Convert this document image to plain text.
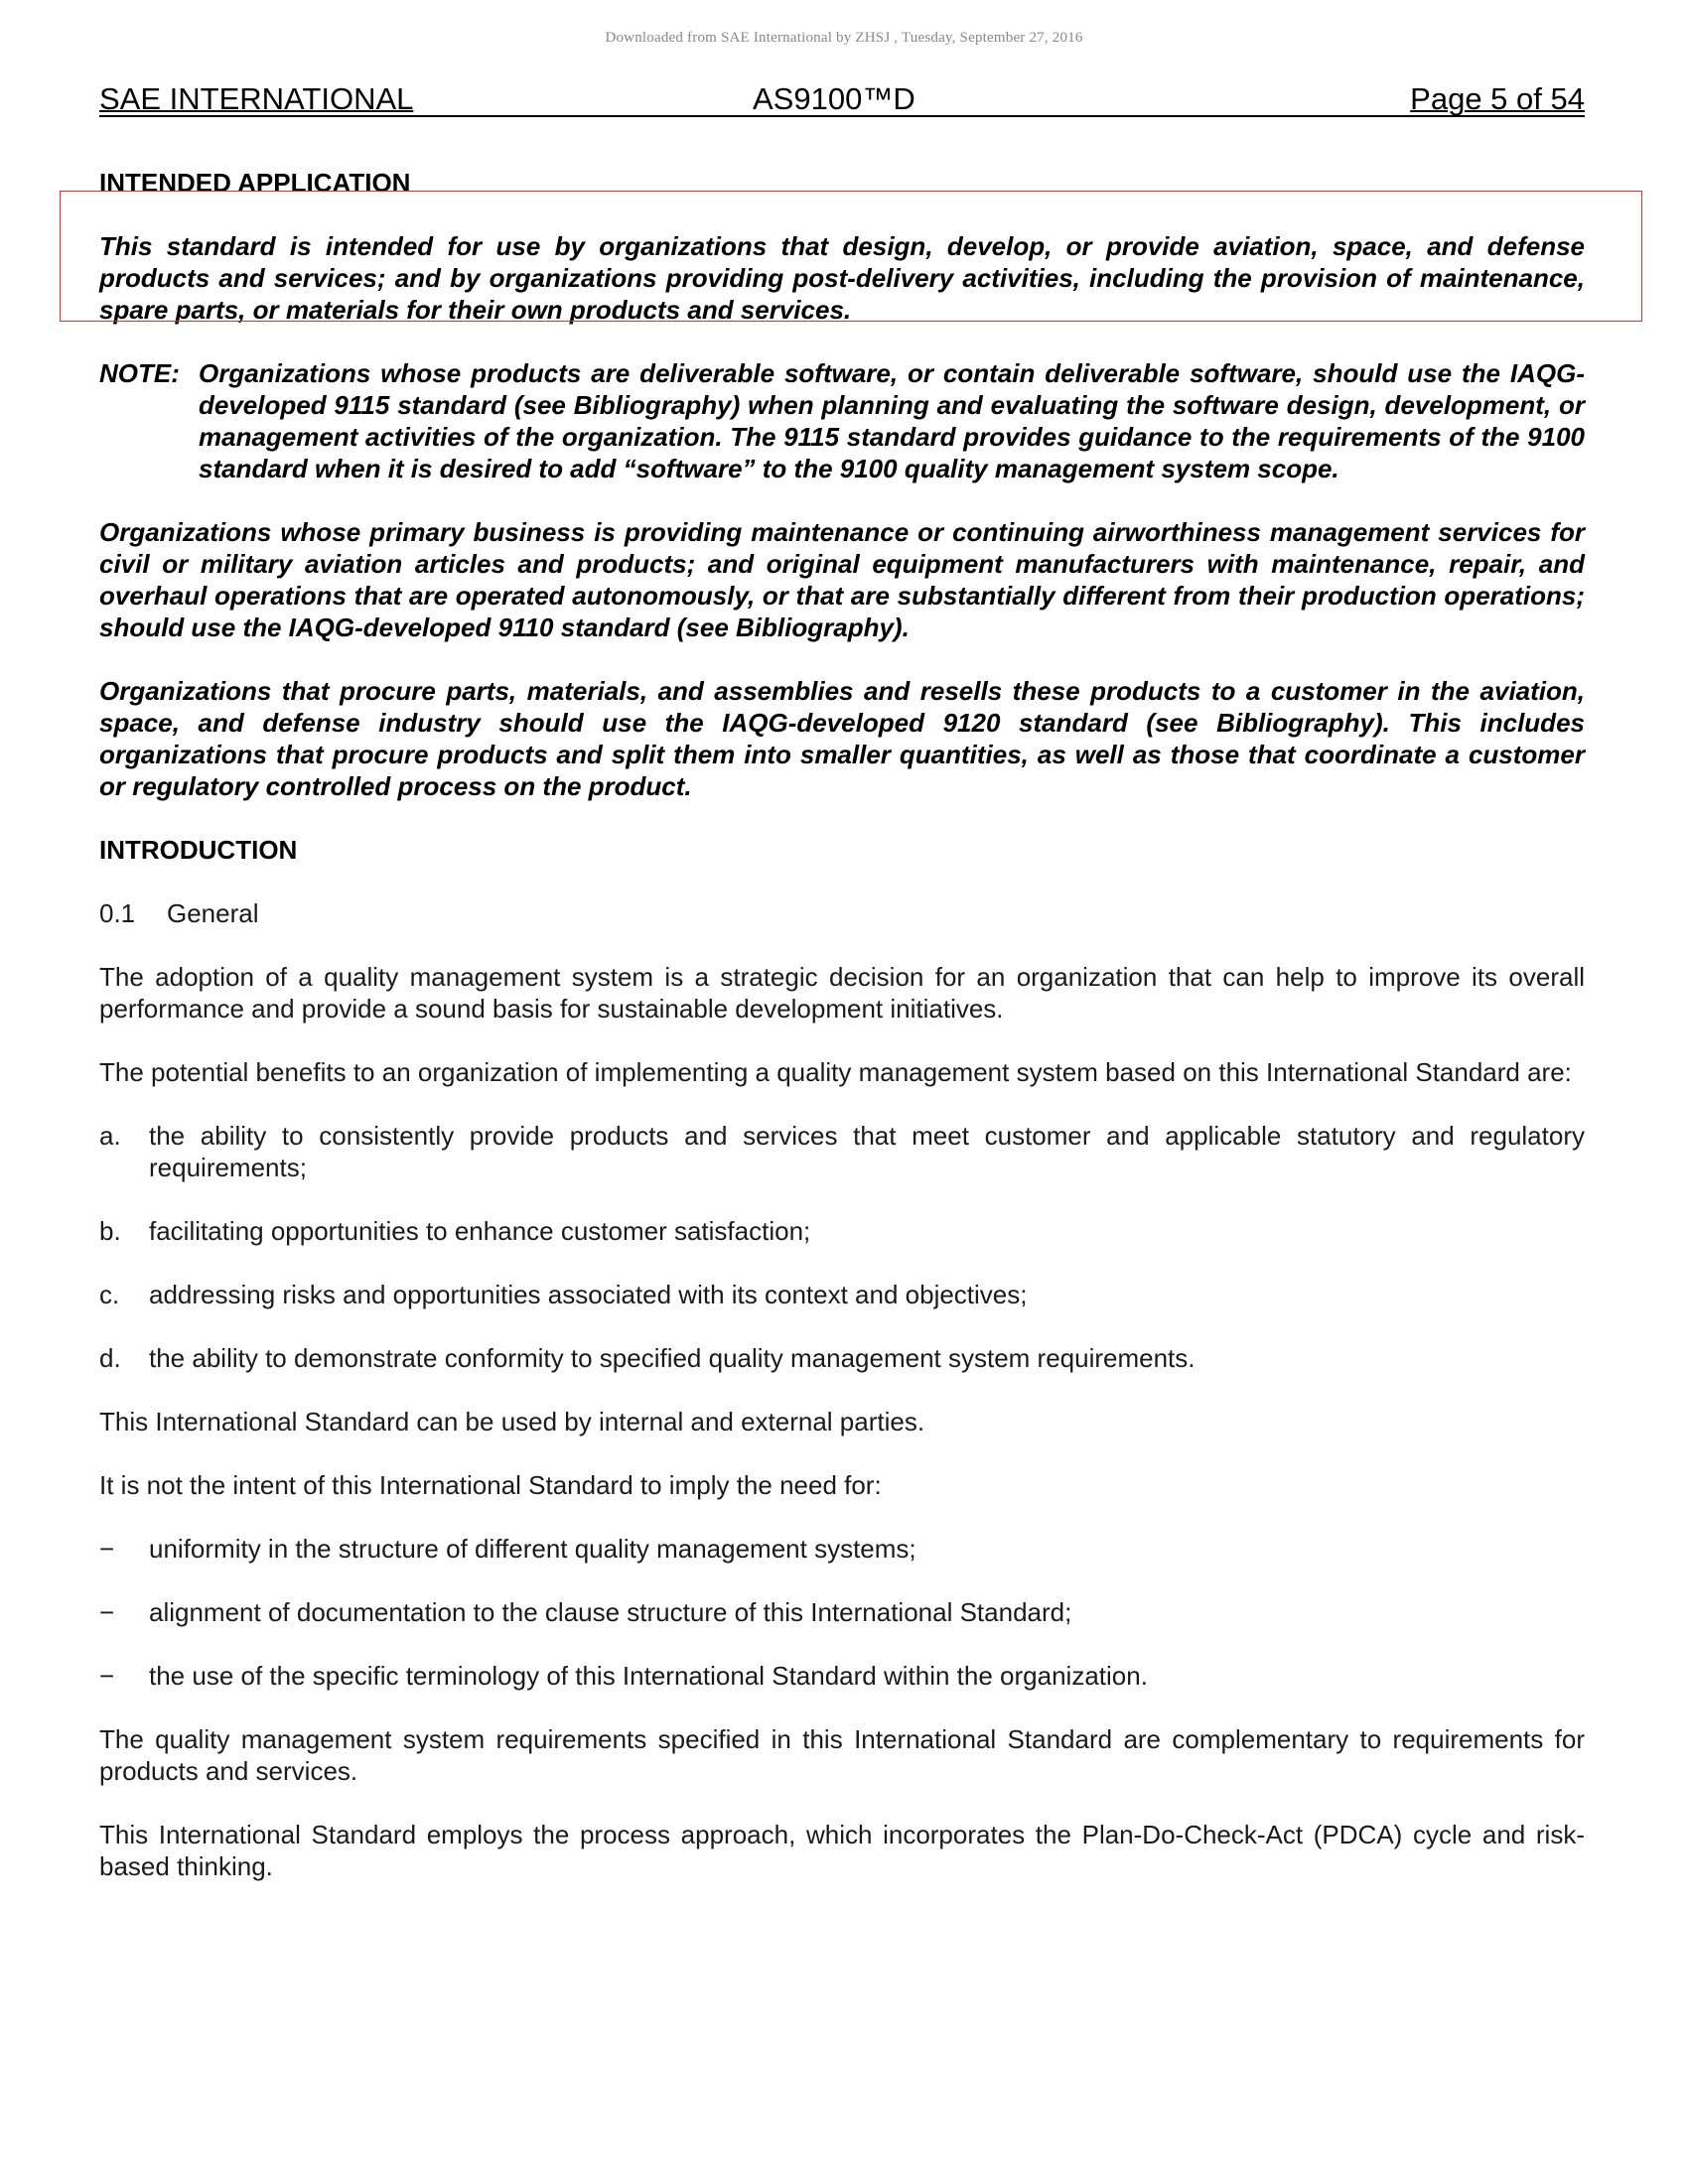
Downloaded from SAE International by ZHSJ , Tuesday, September 27, 2016
SAE INTERNATIONAL	AS9100™D	Page 5 of 54
INTENDED APPLICATION
This standard is intended for use by organizations that design, develop, or provide aviation, space, and defense products and services; and by organizations providing post-delivery activities, including the provision of maintenance, spare parts, or materials for their own products and services.
NOTE: Organizations whose products are deliverable software, or contain deliverable software, should use the IAQG-developed 9115 standard (see Bibliography) when planning and evaluating the software design, development, or management activities of the organization. The 9115 standard provides guidance to the requirements of the 9100 standard when it is desired to add “software” to the 9100 quality management system scope.
Organizations whose primary business is providing maintenance or continuing airworthiness management services for civil or military aviation articles and products; and original equipment manufacturers with maintenance, repair, and overhaul operations that are operated autonomously, or that are substantially different from their production operations; should use the IAQG-developed 9110 standard (see Bibliography).
Organizations that procure parts, materials, and assemblies and resells these products to a customer in the aviation, space, and defense industry should use the IAQG-developed 9120 standard (see Bibliography). This includes organizations that procure products and split them into smaller quantities, as well as those that coordinate a customer or regulatory controlled process on the product.
INTRODUCTION
0.1	General
The adoption of a quality management system is a strategic decision for an organization that can help to improve its overall performance and provide a sound basis for sustainable development initiatives.
The potential benefits to an organization of implementing a quality management system based on this International Standard are:
a.	the ability to consistently provide products and services that meet customer and applicable statutory and regulatory requirements;
b.	facilitating opportunities to enhance customer satisfaction;
c.	addressing risks and opportunities associated with its context and objectives;
d.	the ability to demonstrate conformity to specified quality management system requirements.
This International Standard can be used by internal and external parties.
It is not the intent of this International Standard to imply the need for:
−	uniformity in the structure of different quality management systems;
−	alignment of documentation to the clause structure of this International Standard;
−	the use of the specific terminology of this International Standard within the organization.
The quality management system requirements specified in this International Standard are complementary to requirements for products and services.
This International Standard employs the process approach, which incorporates the Plan-Do-Check-Act (PDCA) cycle and risk-based thinking.
